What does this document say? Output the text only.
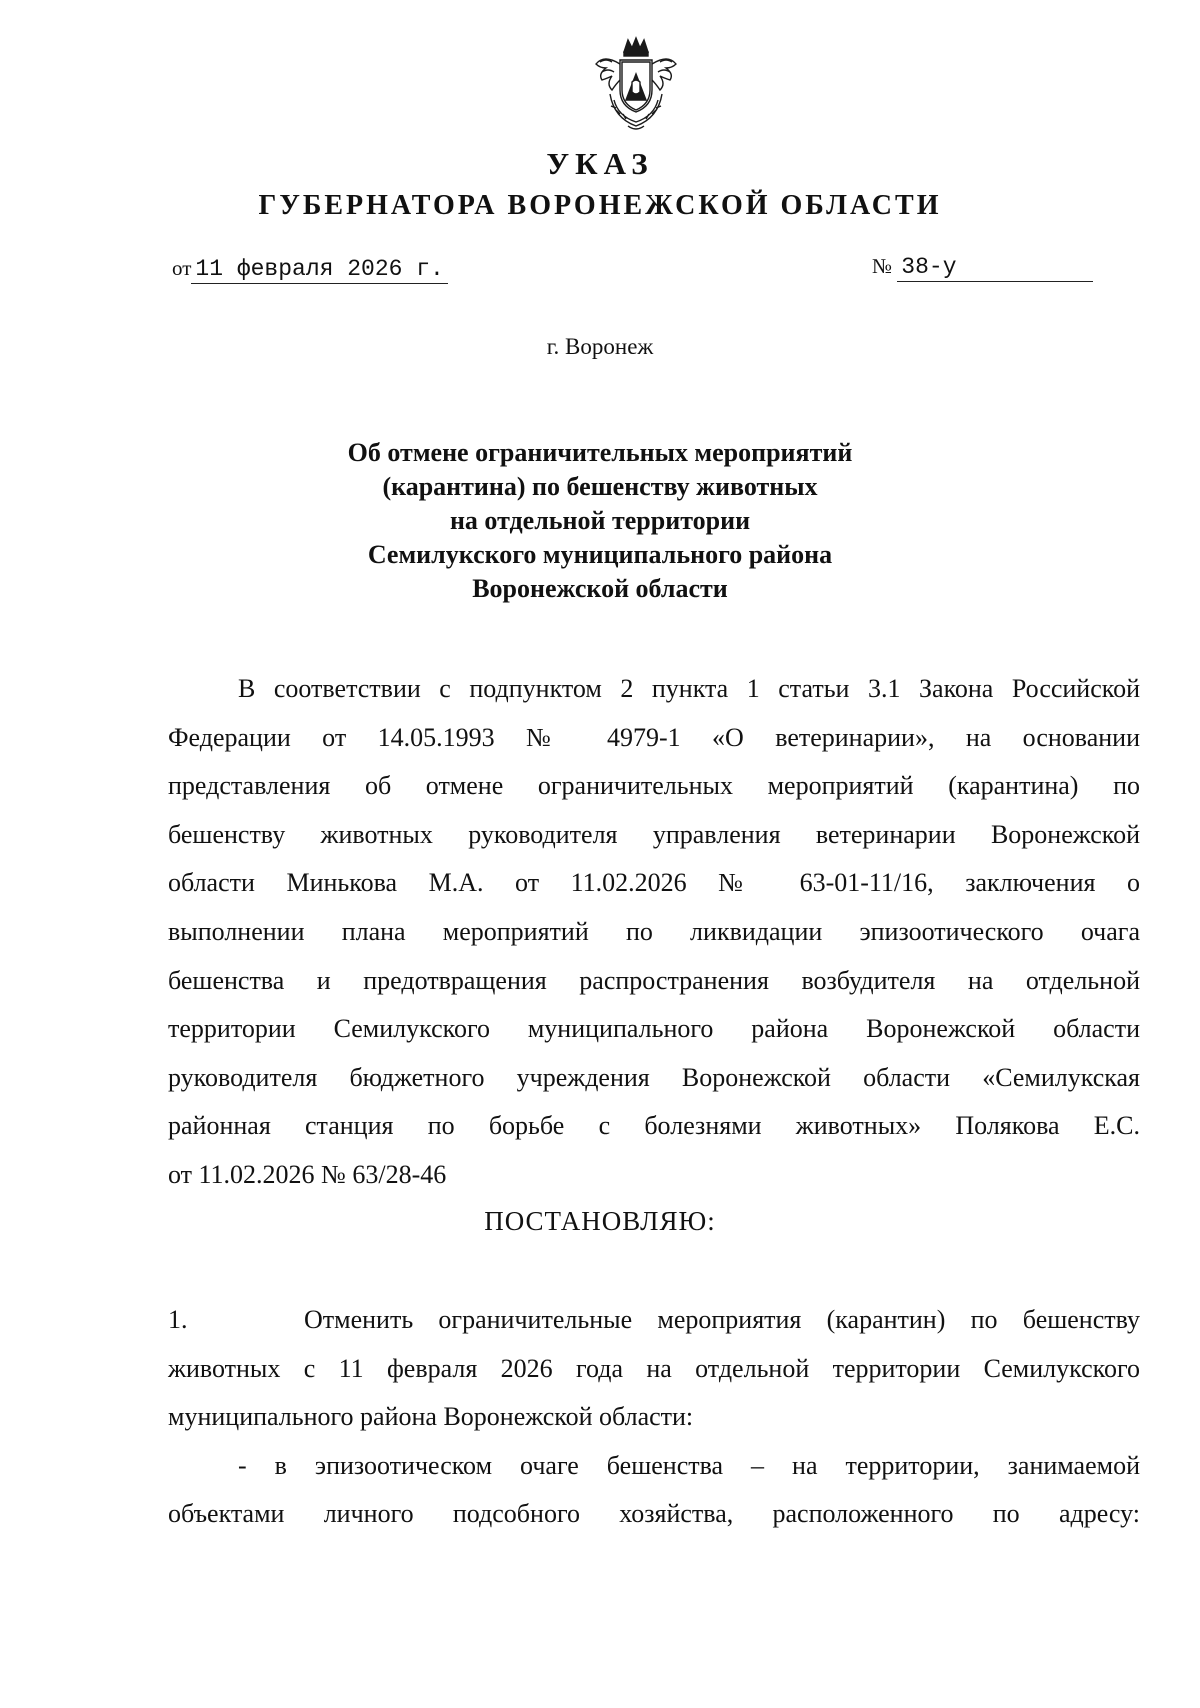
УКАЗ
ГУБЕРНАТОРА ВОРОНЕЖСКОЙ ОБЛАСТИ
от 11 февраля 2026 г.	№ 38-у
г. Воронеж
Об отмене ограничительных мероприятий
(карантина) по бешенству животных
на отдельной территории
Семилукского муниципального района
Воронежской области
В соответствии с подпунктом 2 пункта 1 статьи 3.1 Закона Российской
Федерации от 14.05.1993 № 4979-1 «О ветеринарии», на основании
представления об отмене ограничительных мероприятий (карантина) по
бешенству животных руководителя управления ветеринарии Воронежской
области Минькова М.А. от 11.02.2026 № 63-01-11/16, заключения о
выполнении плана мероприятий по ликвидации эпизоотического очага
бешенства и предотвращения распространения возбудителя на отдельной
территории Семилукского муниципального района Воронежской области
руководителя бюджетного учреждения Воронежской области «Семилукская
районная станция по борьбе с болезнями животных» Полякова Е.С.
от 11.02.2026 № 63/28-46
ПОСТАНОВЛЯЮ:
1.	Отменить ограничительные мероприятия (карантин) по бешенству
животных с 11 февраля 2026 года на отдельной территории Семилукского
муниципального района Воронежской области:
- в эпизоотическом очаге бешенства – на территории, занимаемой
объектами личного подсобного хозяйства, расположенного по адресу:
